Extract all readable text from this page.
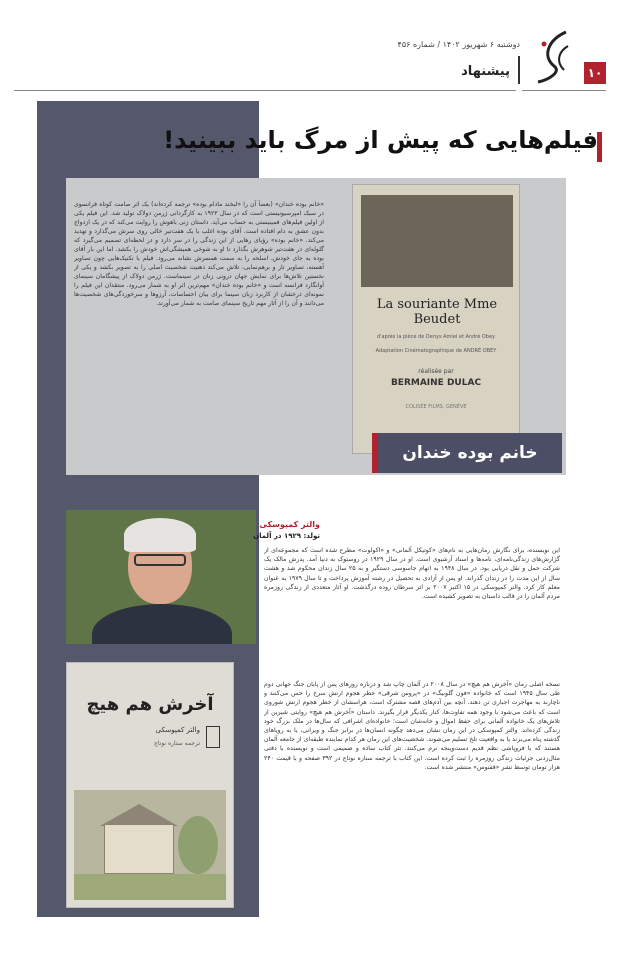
۱۰
دوشنبه ۶ شهریور ۱۴۰۲ / شماره ۴۵۶
پیشنهاد
فیلم‌هایی که پیش از مرگ باید ببینید!
«خانم بوده خندان» (بعضاً آن را «لبخند مادام بوده» ترجمه کرده‌اند) یک اثر صامت کوتاه فرانسوی در سبک امپرسیونیستی است که در سال ۱۹۲۳ به کارگردانی ژرمن دولاک تولید شد. این فیلم یکی از اولین فیلم‌های فمینیستی به حساب می‌آید. داستان زنی باهوش را روایت می‌کند که در یک ازدواج بدون عشق به دام افتاده است. آقای بوده اغلب با یک هفت‌تیر خالی روی سرش می‌گذارد و تهدید می‌کند. «خانم بوده» رؤیای رهایی از این زندگی را در سر دارد و در لحظه‌ای تصمیم می‌گیرد که گلوله‌ای در هفت‌تیر شوهرش بگذارد تا او به شوخی همیشگی‌اش خودش را بکشد. اما این بار آقای بوده به جای خودش، اسلحه را به سمت همسرش نشانه می‌رود. فیلم با تکنیک‌هایی چون تصاویر آهسته، تصاویر تار و برهم‌نمایی، تلاش می‌کند ذهنیت شخصیت اصلی را به تصویر بکشد و یکی از نخستین تلاش‌ها برای نمایش جهان درونی زنان در سینماست. ژرمن دولاک از پیشگامان سینمای آوانگارد فرانسه است و «خانم بوده خندان» مهم‌ترین اثر او به شمار می‌رود. منتقدان این فیلم را نمونه‌ای درخشان از کاربرد زبان سینما برای بیان احساسات، آرزوها و سرخوردگی‌های شخصیت‌ها می‌دانند و آن را از آثار مهم تاریخ سینمای صامت به شمار می‌آورند.	La souriante Mme Beudet
d'après la pièce de Denys Amiel et André Obey
Adaptation Cinématographique de ANDRÉ OBEY
réalisée par
BERMAINE DULAC
COLISÉE FILMS, GENÈVE
خانم بوده خندان
والتر کمپوسکی
تولد: ۱۹۲۹ در آلمان
این نویسنده، برای نگارش رمان‌هایی به نام‌های «کوتیکل آلمانی» و «اکولوت» مطرح شده است که مجموعه‌ای از گزارش‌های زندگی‌نامه‌ای، نامه‌ها و اسناد آرشیوی است. او در سال ۱۹۲۹ در روستوک به دنیا آمد. پدرش مالک یک شرکت حمل و نقل دریایی بود. در سال ۱۹۴۸ به اتهام جاسوسی دستگیر و به ۲۵ سال زندان محکوم شد و هشت سال از این مدت را در زندان گذراند. او پس از آزادی به تحصیل در رشته آموزش پرداخت و تا سال ۱۹۷۹ به عنوان معلم کار کرد. والتر کمپوسکی در ۱۵ اکتبر ۲۰۰۷ بر اثر سرطان روده درگذشت. او آثار متعددی از زندگی روزمره مردم آلمان را در قالب داستان به تصویر کشیده است.
آخرش هم هیچ
والتر کمپوسکی
ترجمه ستاره نوتاج
نسخه اصلی رمان «آخرش هم هیچ» در سال ۲۰۰۸ در آلمان چاپ شد و درباره روزهای پس از پایان جنگ جهانی دوم طی سال ۱۹۴۵ است که خانواده «فون گلوبیگ» در «پروس شرقی» خطر هجوم ارتش سرخ را حس می‌کنند و ناچارند به مهاجرت اجباری تن دهند. آنچه بین آدم‌های قصه مشترک است، هراسشان از خطر هجوم ارتش شوروی است که باعث می‌شود با وجود همه تفاوت‌ها، کنار یکدیگر قرار بگیرند. داستان «آخرش هم هیچ» روایتی شیرین از تلاش‌های یک خانواده آلمانی برای حفظ اموال و خانه‌شان است؛ خانواده‌ای اشرافی که سال‌ها در ملک بزرگ خود زندگی کرده‌اند. والتر کمپوسکی در این رمان نشان می‌دهد چگونه انسان‌ها در برابر جنگ و ویرانی، یا به رویاهای گذشته پناه می‌برند یا به واقعیت تلخ تسلیم می‌شوند. شخصیت‌های این رمان هر کدام نماینده طبقه‌ای از جامعه آلمان هستند که با فروپاشی نظم قدیم دست‌وپنجه نرم می‌کنند. نثر کتاب ساده و صمیمی است و نویسنده با دقتی مثال‌زدنی جزئیات زندگی روزمره را ثبت کرده است. این کتاب با ترجمه ستاره نوتاج در ۳۹۲ صفحه و با قیمت ۲۴۰ هزار تومان توسط نشر «ققنوس» منتشر شده است.
